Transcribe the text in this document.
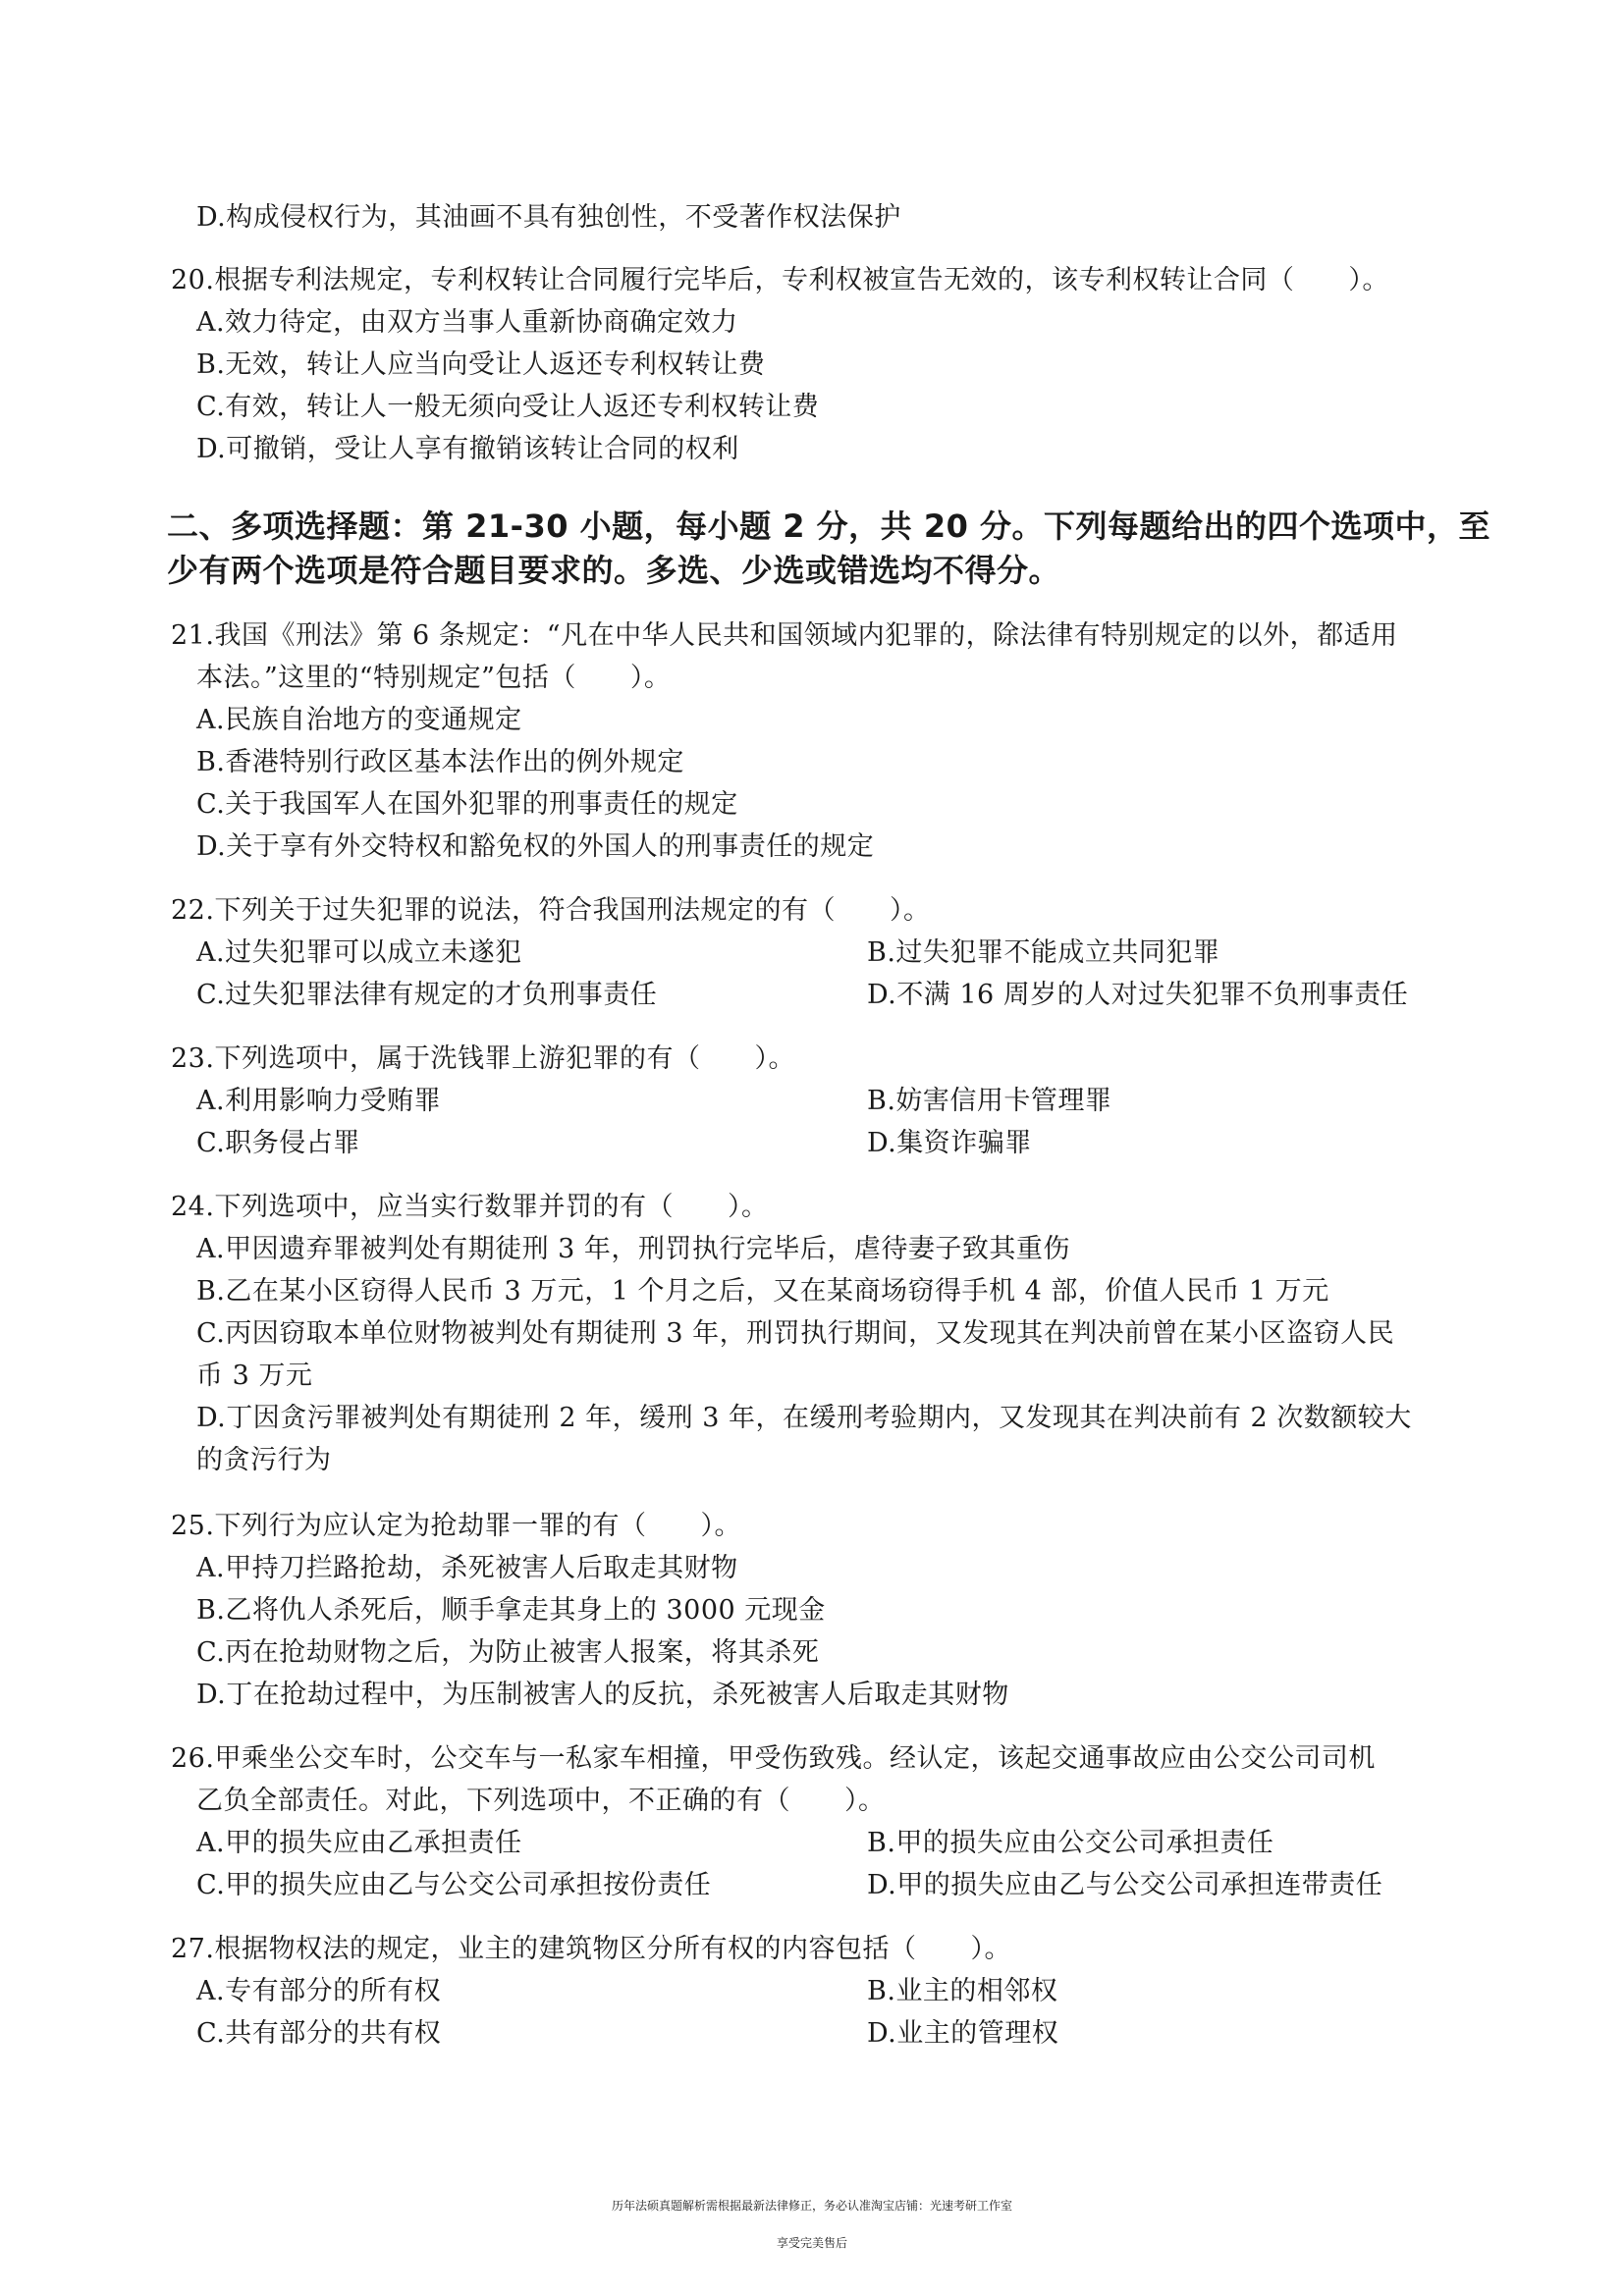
D.构成侵权行为，其油画不具有独创性，不受著作权法保护
20.根据专利法规定，专利权转让合同履行完毕后，专利权被宣告无效的，该专利权转让合同（　　）。
A.效力待定，由双方当事人重新协商确定效力
B.无效，转让人应当向受让人返还专利权转让费
C.有效，转让人一般无须向受让人返还专利权转让费
D.可撤销，受让人享有撤销该转让合同的权利
二、多项选择题：第 21-30 小题，每小题 2 分，共 20 分。下列每题给出的四个选项中，至
少有两个选项是符合题目要求的。多选、少选或错选均不得分。
21.我国《刑法》第 6 条规定：“凡在中华人民共和国领域内犯罪的，除法律有特别规定的以外，都适用
本法。”这里的“特别规定”包括（　　）。
A.民族自治地方的变通规定
B.香港特别行政区基本法作出的例外规定
C.关于我国军人在国外犯罪的刑事责任的规定
D.关于享有外交特权和豁免权的外国人的刑事责任的规定
22.下列关于过失犯罪的说法，符合我国刑法规定的有（　　）。
A.过失犯罪可以成立未遂犯	B.过失犯罪不能成立共同犯罪
C.过失犯罪法律有规定的才负刑事责任	D.不满 16 周岁的人对过失犯罪不负刑事责任
23.下列选项中，属于洗钱罪上游犯罪的有（　　）。
A.利用影响力受贿罪	B.妨害信用卡管理罪
C.职务侵占罪	D.集资诈骗罪
24.下列选项中，应当实行数罪并罚的有（　　）。
A.甲因遗弃罪被判处有期徒刑 3 年，刑罚执行完毕后，虐待妻子致其重伤
B.乙在某小区窃得人民币 3 万元，1 个月之后，又在某商场窃得手机 4 部，价值人民币 1 万元
C.丙因窃取本单位财物被判处有期徒刑 3 年，刑罚执行期间，又发现其在判决前曾在某小区盗窃人民
币 3 万元
D.丁因贪污罪被判处有期徒刑 2 年，缓刑 3 年，在缓刑考验期内，又发现其在判决前有 2 次数额较大
的贪污行为
25.下列行为应认定为抢劫罪一罪的有（　　）。
A.甲持刀拦路抢劫，杀死被害人后取走其财物
B.乙将仇人杀死后，顺手拿走其身上的 3000 元现金
C.丙在抢劫财物之后，为防止被害人报案，将其杀死
D.丁在抢劫过程中，为压制被害人的反抗，杀死被害人后取走其财物
26.甲乘坐公交车时，公交车与一私家车相撞，甲受伤致残。经认定，该起交通事故应由公交公司司机
乙负全部责任。对此，下列选项中，不正确的有（　　）。
A.甲的损失应由乙承担责任	B.甲的损失应由公交公司承担责任
C.甲的损失应由乙与公交公司承担按份责任	D.甲的损失应由乙与公交公司承担连带责任
27.根据物权法的规定，业主的建筑物区分所有权的内容包括（　　）。
A.专有部分的所有权	B.业主的相邻权
C.共有部分的共有权	D.业主的管理权
历年法硕真题解析需根据最新法律修正，务必认准淘宝店铺：光速考研工作室
享受完美售后
